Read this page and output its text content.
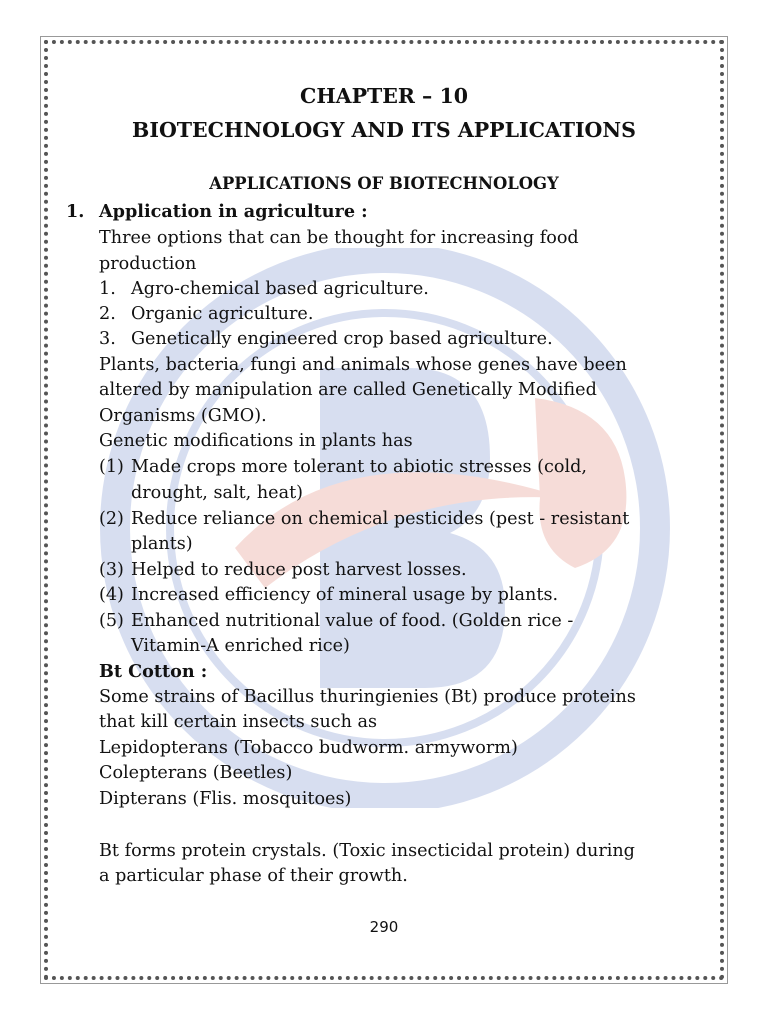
CHAPTER – 10
BIOTECHNOLOGY AND ITS APPLICATIONS
APPLICATIONS OF BIOTECHNOLOGY

1. Application in agriculture :

Three options that can be thought for increasing food

production

1. Agro-chemical based agriculture.

2. Organic agriculture.

3. Genetically engineered crop based agriculture.

Plants, bacteria, fungi and animals whose genes have been

altered by manipulation are called Genetically Modified

Organisms (GMO).

Genetic modifications in plants has

(1) Made crops more tolerant to abiotic stresses (cold,

drought, salt, heat)

(2) Reduce reliance on chemical pesticides (pest - resistant

plants)

(3) Helped to reduce post harvest losses.

(4) Increased efficiency of mineral usage by plants.

(5) Enhanced nutritional value of food. (Golden rice -

Vitamin-A enriched rice)

Bt Cotton :

Some strains of Bacillus thuringienies (Bt) produce proteins

that kill certain insects such as

Lepidopterans (Tobacco budworm. armyworm)

Colepterans (Beetles)

Dipterans (Flis. mosquitoes)

Bt forms protein crystals. (Toxic insecticidal protein) during

a particular phase of their growth.

290
